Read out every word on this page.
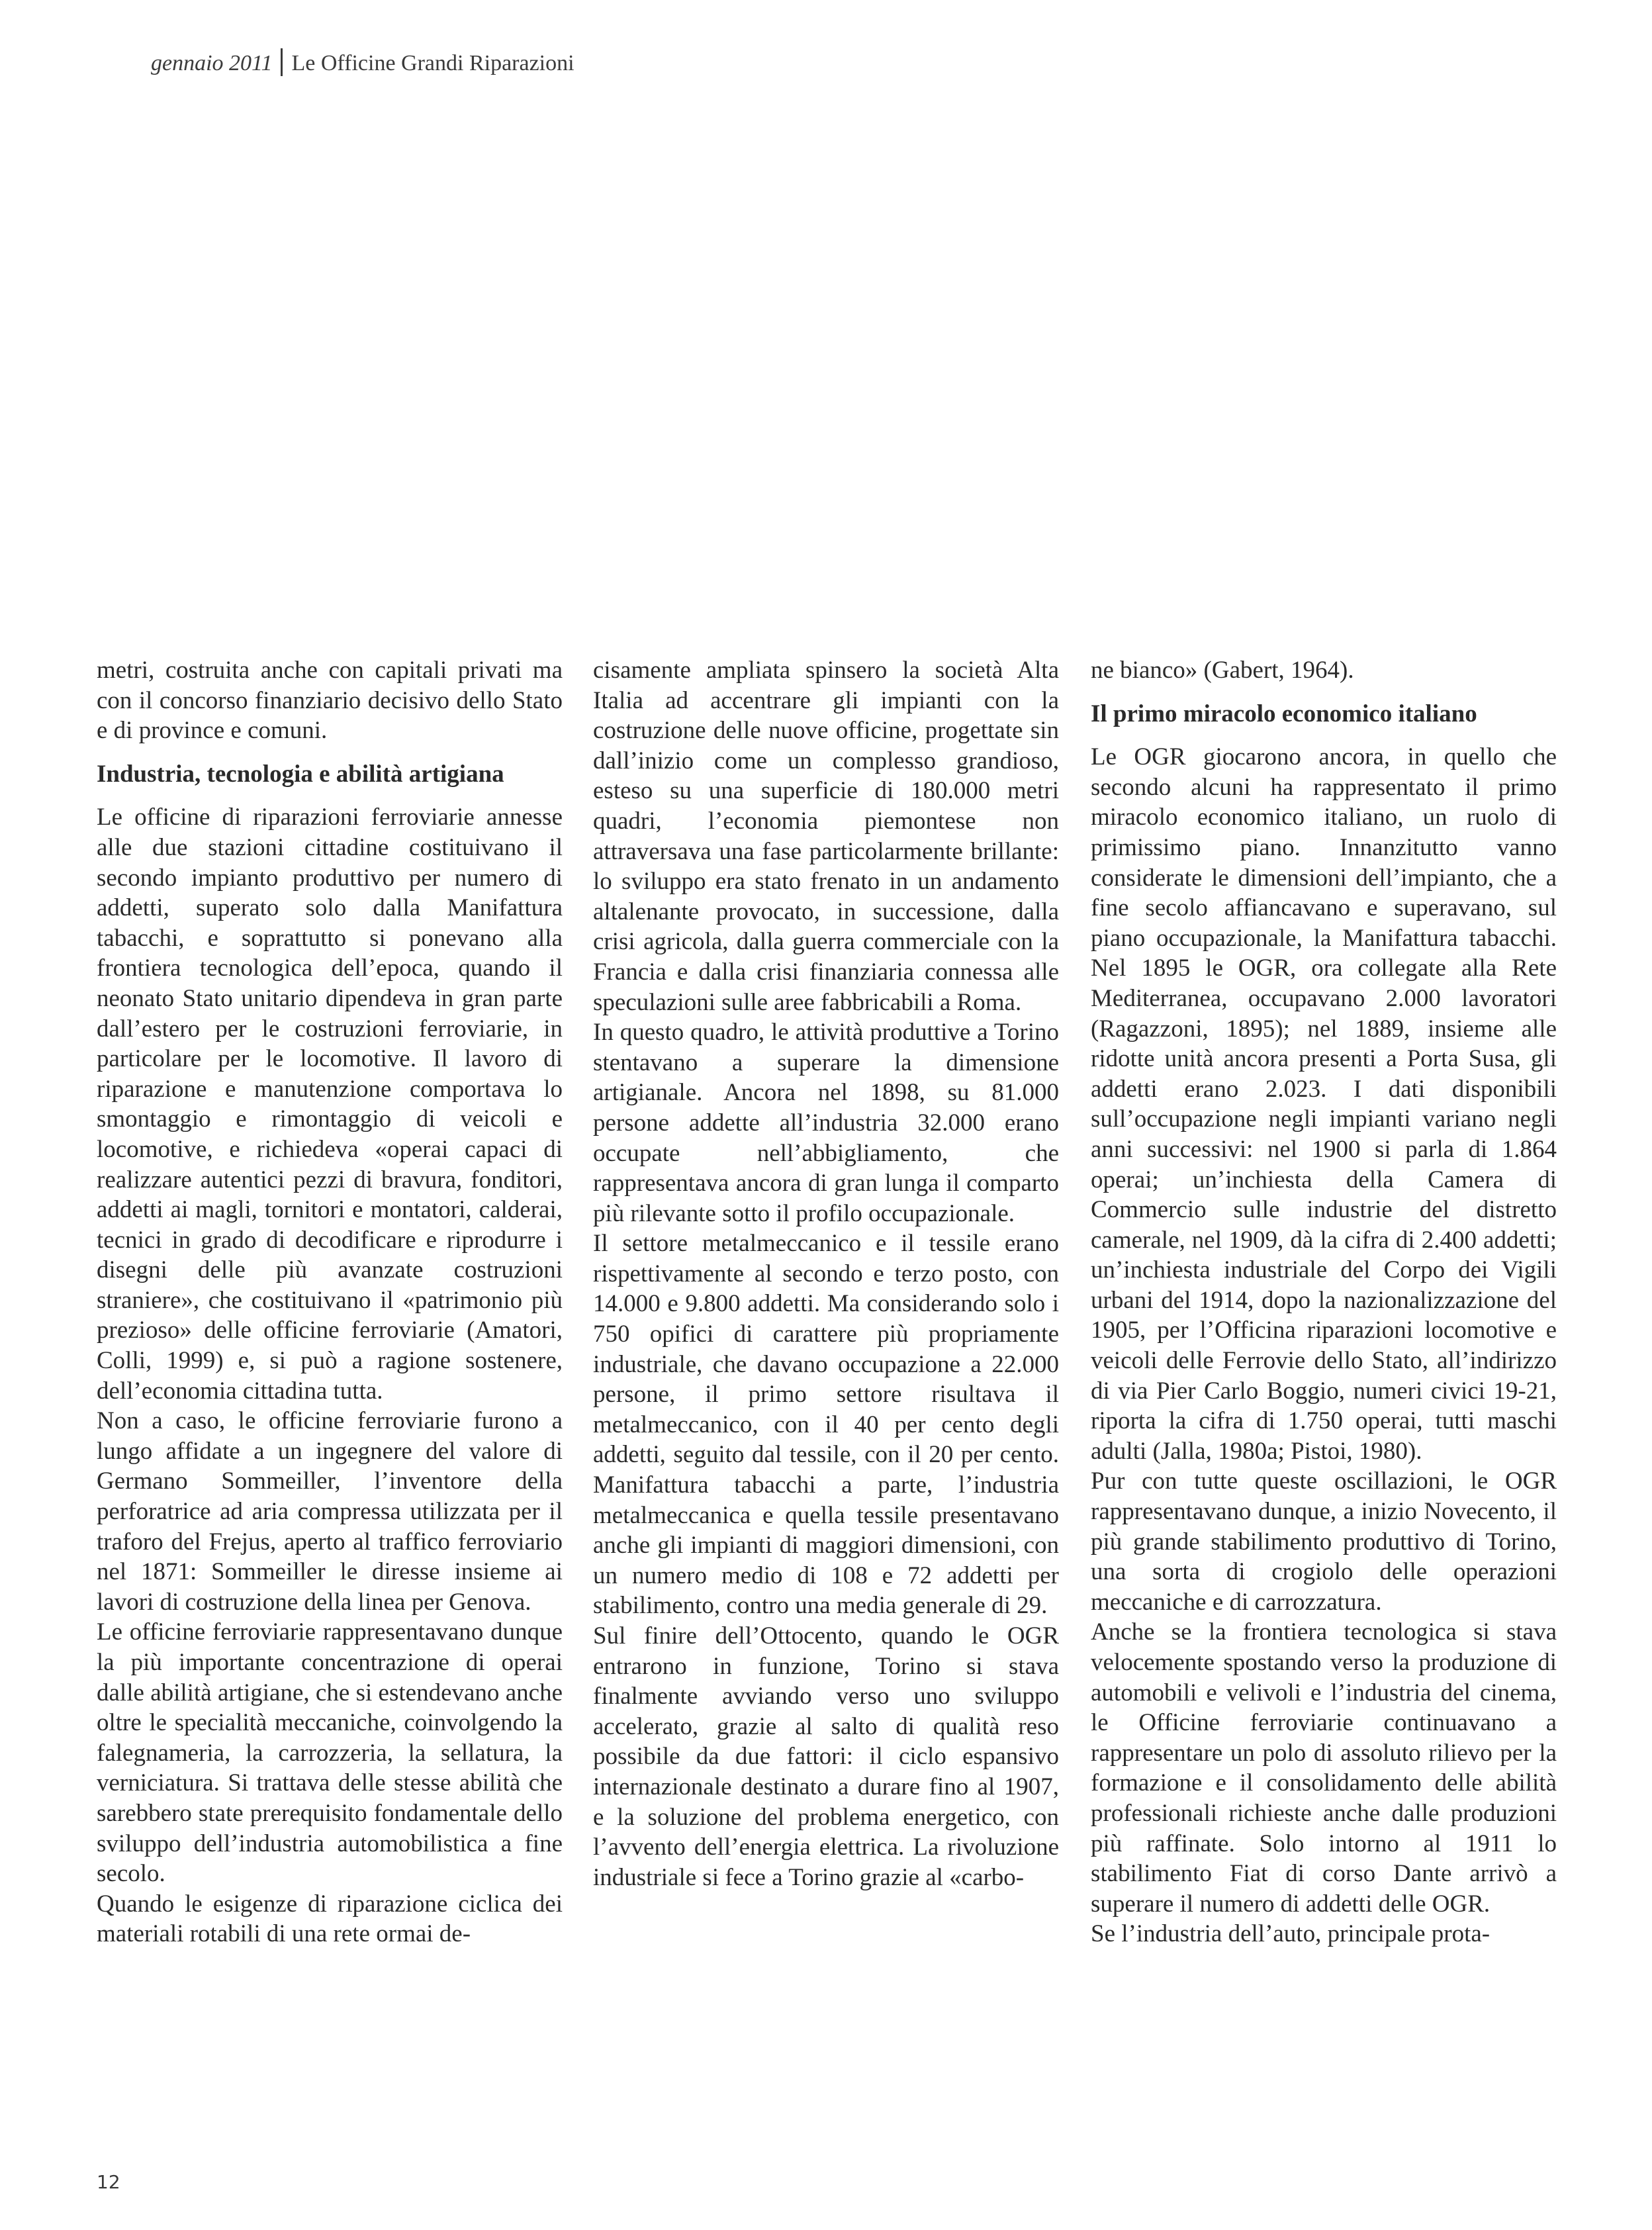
gennaio 2011 Le Officine Grandi Riparazioni

metri, costruita anche con capitali privati ma con il concorso finanziario decisivo dello Stato e di province e comuni.

Industria, tecnologia e abilità artigiana

Le officine di riparazioni ferroviarie annesse alle due stazioni cittadine costituivano il secondo impianto produttivo per numero di addetti, superato solo dalla Manifattura tabacchi, e soprattutto si ponevano alla frontiera tecnologica dell’epoca, quando il neonato Stato unitario dipendeva in gran parte dall’estero per le costruzioni ferroviarie, in particolare per le locomotive. Il lavoro di riparazione e manutenzione comportava lo smontaggio e rimontaggio di veicoli e locomotive, e richiedeva «operai capaci di realizzare autentici pezzi di bravura, fonditori, addetti ai magli, tornitori e montatori, calderai, tecnici in grado di decodificare e riprodurre i disegni delle più avanzate costruzioni straniere», che costituivano il «patrimonio più prezioso» delle officine ferroviarie (Amatori, Colli, 1999) e, si può a ragione sostenere, dell’economia cittadina tutta.

Non a caso, le officine ferroviarie furono a lungo affidate a un ingegnere del valore di Germano Sommeiller, l’inventore della perforatrice ad aria compressa utilizzata per il traforo del Frejus, aperto al traffico ferroviario nel 1871: Sommeiller le diresse insieme ai lavori di costruzione della linea per Genova.

Le officine ferroviarie rappresentavano dunque la più importante concentrazione di operai dalle abilità artigiane, che si estendevano anche oltre le specialità meccaniche, coinvolgendo la falegnameria, la carrozzeria, la sellatura, la verniciatura. Si trattava delle stesse abilità che sarebbero state prerequisito fondamentale dello sviluppo dell’industria automobilistica a fine secolo.

Quando le esigenze di riparazione ciclica dei materiali rotabili di una rete ormai de-

cisamente ampliata spinsero la società Alta Italia ad accentrare gli impianti con la costruzione delle nuove officine, progettate sin dall’inizio come un complesso grandioso, esteso su una superficie di 180.000 metri quadri, l’economia piemontese non attraversava una fase particolarmente brillante: lo sviluppo era stato frenato in un andamento altalenante provocato, in successione, dalla crisi agricola, dalla guerra commerciale con la Francia e dalla crisi finanziaria connessa alle speculazioni sulle aree fabbricabili a Roma.

In questo quadro, le attività produttive a Torino stentavano a superare la dimensione artigianale. Ancora nel 1898, su 81.000 persone addette all’industria 32.000 erano occupate nell’abbigliamento, che rappresentava ancora di gran lunga il comparto più rilevante sotto il profilo occupazionale.

Il settore metalmeccanico e il tessile erano rispettivamente al secondo e terzo posto, con 14.000 e 9.800 addetti. Ma considerando solo i 750 opifici di carattere più propriamente industriale, che davano occupazione a 22.000 persone, il primo settore risultava il metalmeccanico, con il 40 per cento degli addetti, seguito dal tessile, con il 20 per cento. Manifattura tabacchi a parte, l’industria metalmeccanica e quella tessile presentavano anche gli impianti di maggiori dimensioni, con un numero medio di 108 e 72 addetti per stabilimento, contro una media generale di 29.

Sul finire dell’Ottocento, quando le OGR entrarono in funzione, Torino si stava finalmente avviando verso uno sviluppo accelerato, grazie al salto di qualità reso possibile da due fattori: il ciclo espansivo internazionale destinato a durare fino al 1907, e la soluzione del problema energetico, con l’avvento dell’energia elettrica. La rivoluzione industriale si fece a Torino grazie al «carbo-

ne bianco» (Gabert, 1964).

Il primo miracolo economico italiano

Le OGR giocarono ancora, in quello che secondo alcuni ha rappresentato il primo miracolo economico italiano, un ruolo di primissimo piano. Innanzitutto vanno considerate le dimensioni dell’impianto, che a fine secolo affiancavano e superavano, sul piano occupazionale, la Manifattura tabacchi. Nel 1895 le OGR, ora collegate alla Rete Mediterranea, occupavano 2.000 lavoratori (Ragazzoni, 1895); nel 1889, insieme alle ridotte unità ancora presenti a Porta Susa, gli addetti erano 2.023. I dati disponibili sull’occupazione negli impianti variano negli anni successivi: nel 1900 si parla di 1.864 operai; un’inchiesta della Camera di Commercio sulle industrie del distretto camerale, nel 1909, dà la cifra di 2.400 addetti; un’inchiesta industriale del Corpo dei Vigili urbani del 1914, dopo la nazionalizzazione del 1905, per l’Officina riparazioni locomotive e veicoli delle Ferrovie dello Stato, all’indirizzo di via Pier Carlo Boggio, numeri civici 19-21, riporta la cifra di 1.750 operai, tutti maschi adulti (Jalla, 1980a; Pistoi, 1980).

Pur con tutte queste oscillazioni, le OGR rappresentavano dunque, a inizio Novecento, il più grande stabilimento produttivo di Torino, una sorta di crogiolo delle operazioni meccaniche e di carrozzatura.

Anche se la frontiera tecnologica si stava velocemente spostando verso la produzione di automobili e velivoli e l’industria del cinema, le Officine ferroviarie continuavano a rappresentare un polo di assoluto rilievo per la formazione e il consolidamento delle abilità professionali richieste anche dalle produzioni più raffinate. Solo intorno al 1911 lo stabilimento Fiat di corso Dante arrivò a superare il numero di addetti delle OGR.

Se l’industria dell’auto, principale prota-

12
